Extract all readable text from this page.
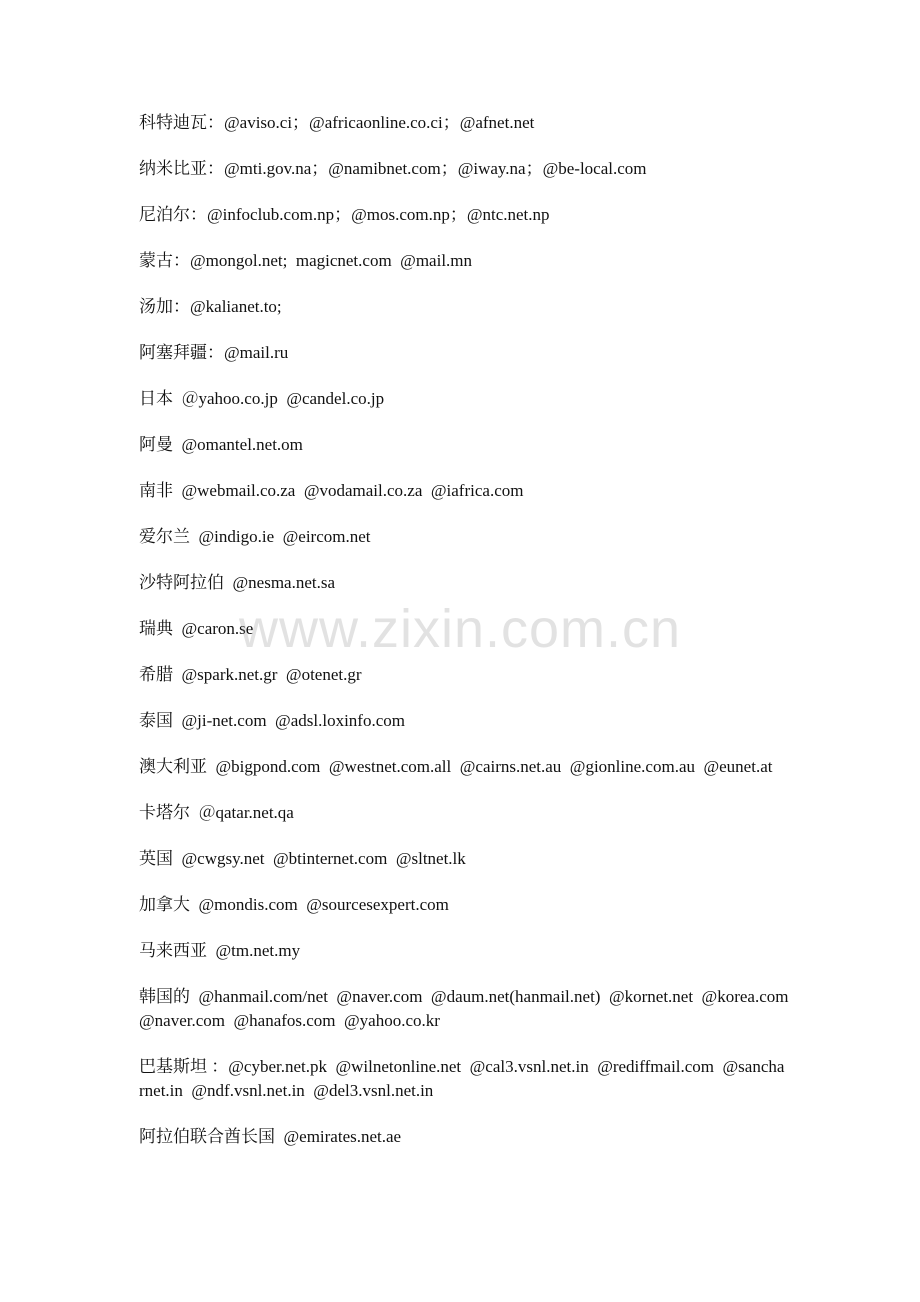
科特迪瓦：@aviso.ci；@africaonline.co.ci；@afnet.net

纳米比亚：@mti.gov.na；@namibnet.com；@iway.na；@be-local.com

尼泊尔：@infoclub.com.np；@mos.com.np；@ntc.net.np

蒙古：@mongol.net;  magicnet.com  @mail.mn

汤加：@kalianet.to;

阿塞拜疆：@mail.ru

日本  ＠yahoo.co.jp  @candel.co.jp

阿曼  @omantel.net.om

南非  @webmail.co.za  @vodamail.co.za  @iafrica.com

爱尔兰  @indigo.ie  @eircom.net

沙特阿拉伯  @nesma.net.sa

瑞典  @caron.se

希腊  @spark.net.gr  @otenet.gr

泰国  @ji-net.com  @adsl.loxinfo.com

澳大利亚  @bigpond.com  @westnet.com.all  @cairns.net.au  @gionline.com.au  @eunet.at

卡塔尔  ＠qatar.net.qa

英国  @cwgsy.net  @btinternet.com  @sltnet.lk

加拿大  @mondis.com  @sourcesexpert.com

马来西亚  @tm.net.my

韩国的  @hanmail.com/net  @naver.com  @daum.net(hanmail.net)  @kornet.net  @korea.com  @naver.com  @hanafos.com  @yahoo.co.kr

巴基斯坦 ：@cyber.net.pk  @wilnetonline.net  @cal3.vsnl.net.in  @rediffmail.com  @sancharnet.in  @ndf.vsnl.net.in  @del3.vsnl.net.in

阿拉伯联合酋长国  @emirates.net.ae

www.zixin.com.cn
